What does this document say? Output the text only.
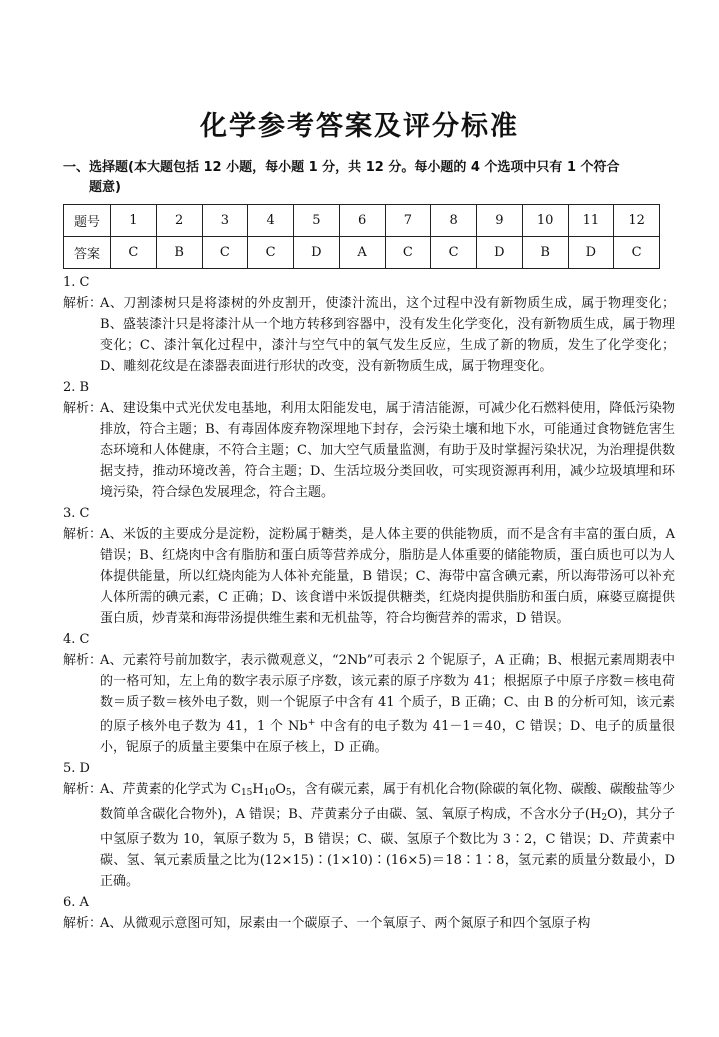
化学参考答案及评分标准
一、选择题(本大题包括 12 小题，每小题 1 分，共 12 分。每小题的 4 个选项中只有 1 个符合
题意)
题号	1	2	3	4	5	6	7	8	9	10	11	12
答案	C	B	C	C	D	A	C	C	D	B	D	C
1. C
解析：
A、刀割漆树只是将漆树的外皮割开，使漆汁流出，这个过程中没有新物质生成，属于物理变化；B、盛装漆汁只是将漆汁从一个地方转移到容器中，没有发生化学变化，没有新物质生成，属于物理变化；C、漆汁氧化过程中，漆汁与空气中的氧气发生反应，生成了新的物质，发生了化学变化；D、雕刻花纹是在漆器表面进行形状的改变，没有新物质生成，属于物理变化。
2. B
解析：
A、建设集中式光伏发电基地，利用太阳能发电，属于清洁能源，可减少化石燃料使用，降低污染物排放，符合主题；B、有毒固体废弃物深埋地下封存，会污染土壤和地下水，可能通过食物链危害生态环境和人体健康，不符合主题；C、加大空气质量监测，有助于及时掌握污染状况，为治理提供数据支持，推动环境改善，符合主题；D、生活垃圾分类回收，可实现资源再利用，减少垃圾填埋和环境污染，符合绿色发展理念，符合主题。
3. C
解析：
A、米饭的主要成分是淀粉，淀粉属于糖类，是人体主要的供能物质，而不是含有丰富的蛋白质，A 错误；B、红烧肉中含有脂肪和蛋白质等营养成分，脂肪是人体重要的储能物质，蛋白质也可以为人体提供能量，所以红烧肉能为人体补充能量，B 错误；C、海带中富含碘元素，所以海带汤可以补充人体所需的碘元素，C 正确；D、该食谱中米饭提供糖类，红烧肉提供脂肪和蛋白质，麻婆豆腐提供蛋白质，炒青菜和海带汤提供维生素和无机盐等，符合均衡营养的需求，D 错误。
4. C
解析：
A、元素符号前加数字，表示微观意义，“2Nb”可表示 2 个铌原子，A 正确；B、根据元素周期表中的一格可知，左上角的数字表示原子序数，该元素的原子序数为 41；根据原子中原子序数＝核电荷数＝质子数＝核外电子数，则一个铌原子中含有 41 个质子，B 正确；C、由 B 的分析可知，该元素的原子核外电子数为 41，1 个 Nb+ 中含有的电子数为 41－1＝40，C 错误；D、电子的质量很小，铌原子的质量主要集中在原子核上，D 正确。
5. D
解析：
A、芹黄素的化学式为 $C_{15}H_{10}O_5$，含有碳元素，属于有机化合物(除碳的氧化物、碳酸、碳酸盐等少数简单含碳化合物外)，A 错误；B、芹黄素分子由碳、氢、氧原子构成，不含水分子$(H_2O)$，其分子中氢原子数为 10，氧原子数为 5，B 错误；C、碳、氢原子个数比为 3∶2，C 错误；D、芹黄素中碳、氢、氧元素质量之比为(12×15)∶(1×10)∶(16×5)＝18∶1∶8，氢元素的质量分数最小，D 正确。
6. A
解析：
A、从微观示意图可知，尿素由一个碳原子、一个氧原子、两个氮原子和四个氢原子构
